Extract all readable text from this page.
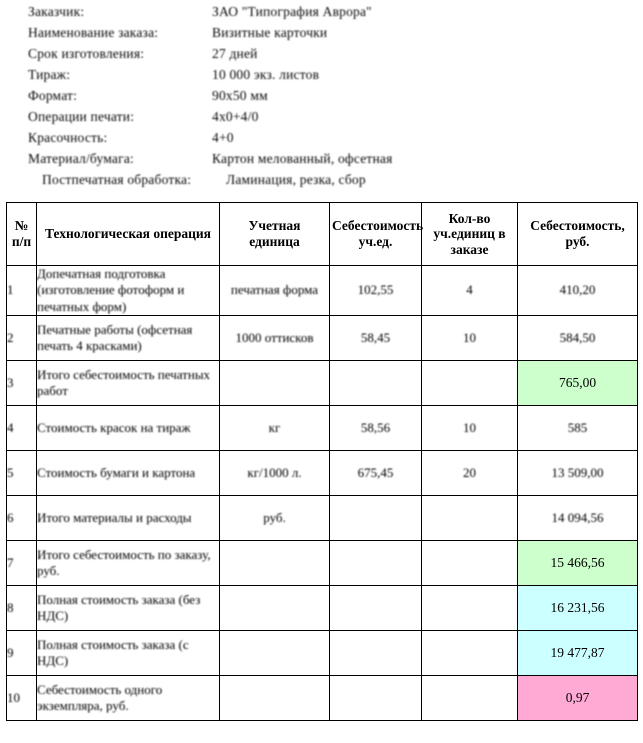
Заказчик:	ЗАО "Типография Аврора"
Наименование заказа:	Визитные карточки
Срок изготовления:	27 дней
Тираж:	10 000 экз. листов
Формат:	90х50 мм
Операции печати:	4х0+4/0
Красочность:	4+0
Материал/бумага:	Картон мелованный, офсетная
Постпечатная обработка:	Ламинация, резка, сбор
№ п/п	Технологическая операция	Учетная единица	Себестоимость уч.ед.	Кол-во уч.единиц в заказе	Себестоимость, руб.

1	Допечатная подготовка (изготовление фотоформ и печатных форм)	печатная форма	102,55	4	410,20

2	Печатные работы (офсетная печать 4 красками)	1000 оттисков	58,45	10	584,50

3	Итого себестоимость печатных работ				765,00

4	Стоимость красок на тираж	кг	58,56	10	585

5	Стоимость бумаги и картона	кг/1000 л.	675,45	20	13 509,00

6	Итого материалы и расходы	руб.			14 094,56

7	Итого себестоимость по заказу, руб.				15 466,56

8	Полная стоимость заказа (без НДС)				16 231,56

9	Полная стоимость заказа (с НДС)				19 477,87

10	Себестоимость одного экземпляра, руб.				0,97
